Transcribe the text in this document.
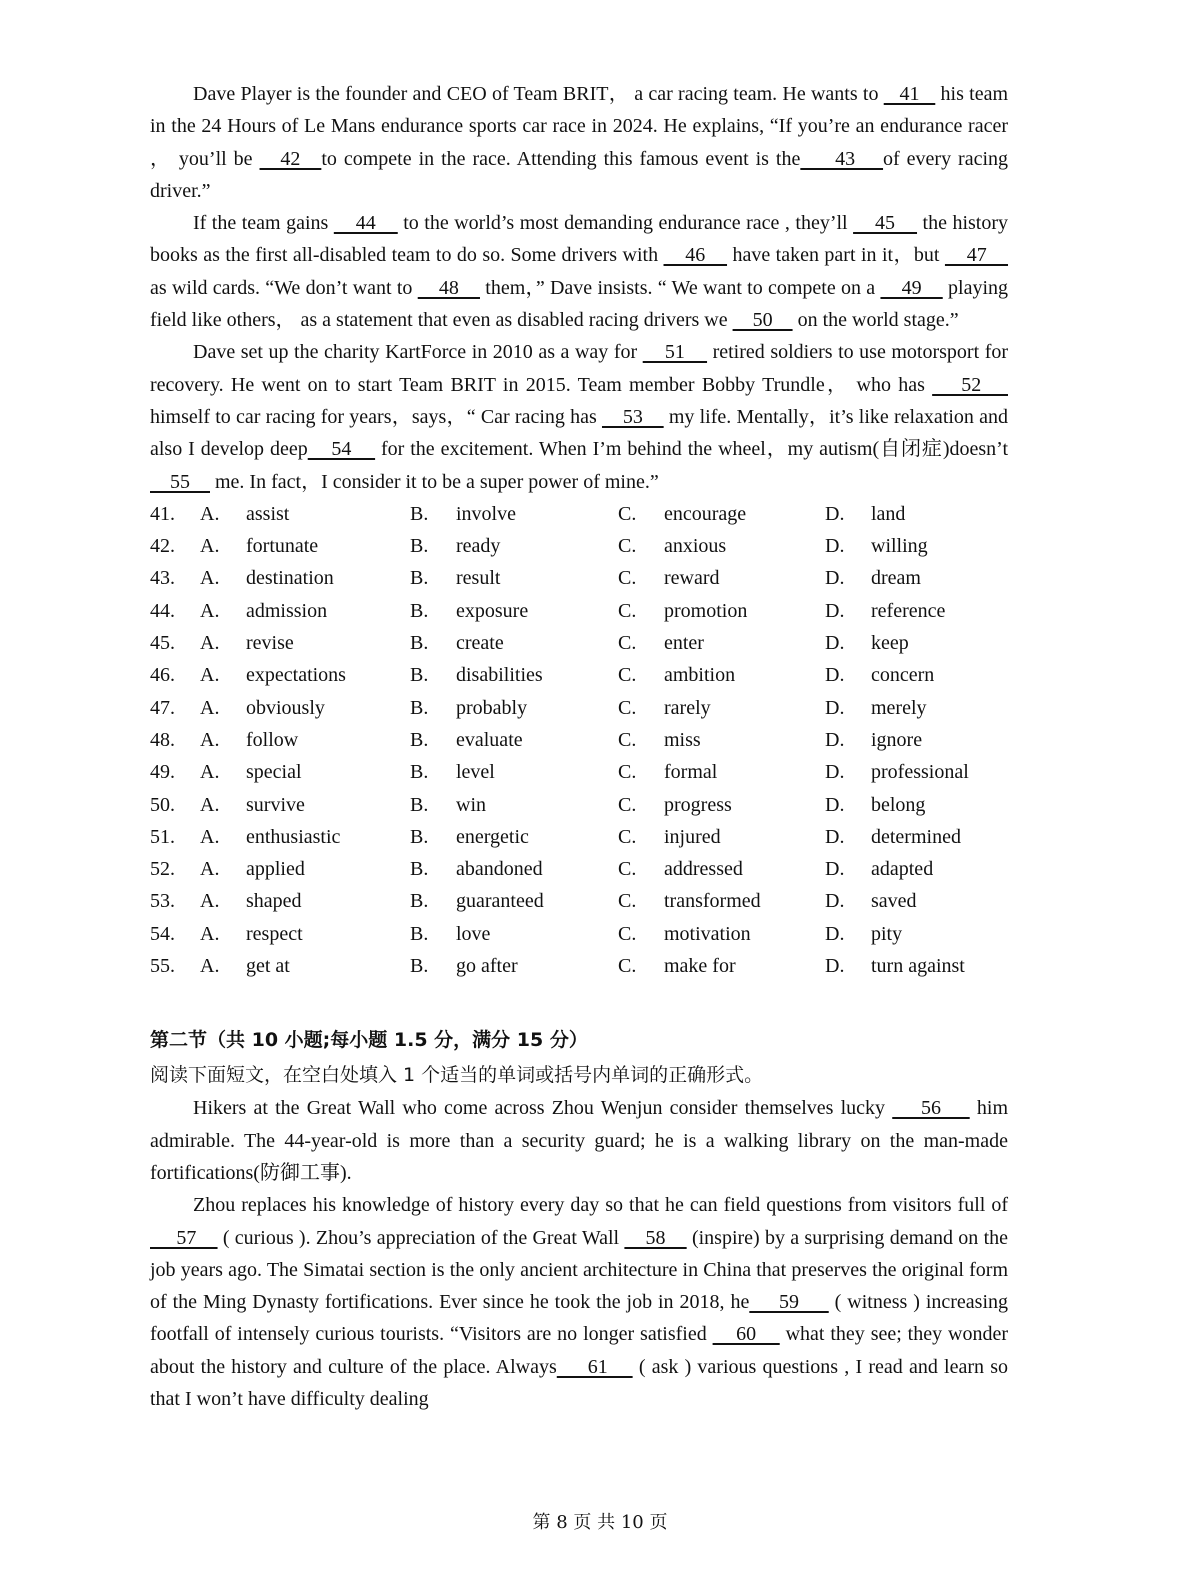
Dave Player is the founder and CEO of Team BRIT， a car racing team. He wants to    41    his team in the 24 Hours of Le Mans endurance sports car race in 2024. He explains, “If you’re an endurance racer ， you’ll be    42   to compete in the race. Attending this famous event is the     43    of every racing driver.”

If the team gains     44     to the world’s most demanding endurance race , they’ll     45     the history books as the first all-disabled team to do so. Some drivers with     46     have taken part in it，but     47     as wild cards. “We don’t want to     48     them，” Dave insists. “ We want to compete on a     49     playing field like others， as a statement that even as disabled racing drivers we     50     on the world stage.”

Dave set up the charity KartForce in 2010 as a way for     51     retired soldiers to use motorsport for recovery. He went on to start Team BRIT in 2015. Team member Bobby Trundle， who has     52     himself to car racing for years，says，“ Car racing has     53     my life. Mentally，it’s like relaxation and also I develop deep    54     for the excitement. When I’m behind the wheel，my autism(自闭症)doesn’t     55     me. In fact，I consider it to be a super power of mine.”

41.	A.	assist	B.	involve	C.	encourage	D.	land
42.	A.	fortunate	B.	ready	C.	anxious	D.	willing
43.	A.	destination	B.	result	C.	reward	D.	dream
44.	A.	admission	B.	exposure	C.	promotion	D.	reference
45.	A.	revise	B.	create	C.	enter	D.	keep
46.	A.	expectations	B.	disabilities	C.	ambition	D.	concern
47.	A.	obviously	B.	probably	C.	rarely	D.	merely
48.	A.	follow	B.	evaluate	C.	miss	D.	ignore
49.	A.	special	B.	level	C.	formal	D.	professional
50.	A.	survive	B.	win	C.	progress	D.	belong
51.	A.	enthusiastic	B.	energetic	C.	injured	D.	determined
52.	A.	applied	B.	abandoned	C.	addressed	D.	adapted
53.	A.	shaped	B.	guaranteed	C.	transformed	D.	saved
54.	A.	respect	B.	love	C.	motivation	D.	pity
55.	A.	get at	B.	go after	C.	make for	D.	turn against
第二节（共 10 小题;每小题 1.5 分，满分 15 分）
阅读下面短文，在空白处填入 1 个适当的单词或括号内单词的正确形式。

Hikers at the Great Wall who come across Zhou Wenjun consider themselves lucky     56     him admirable. The 44-year-old is more than a security guard; he is a walking library on the man-made fortifications(防御工事).

Zhou replaces his knowledge of history every day so that he can field questions from visitors full of     57     ( curious ). Zhou’s appreciation of the Great Wall     58     (inspire) by a surprising demand on the job years ago. The Simatai section is the only ancient architecture in China that preserves the original form of the Ming Dynasty fortifications. Ever since he took the job in 2018, he     59      ( witness ) increasing footfall of intensely curious tourists. “Visitors are no longer satisfied     60     what they see; they wonder about the history and culture of the place. Always     61     ( ask ) various questions , I read and learn so that I won’t have difficulty dealing

第 8 页 共 10 页
